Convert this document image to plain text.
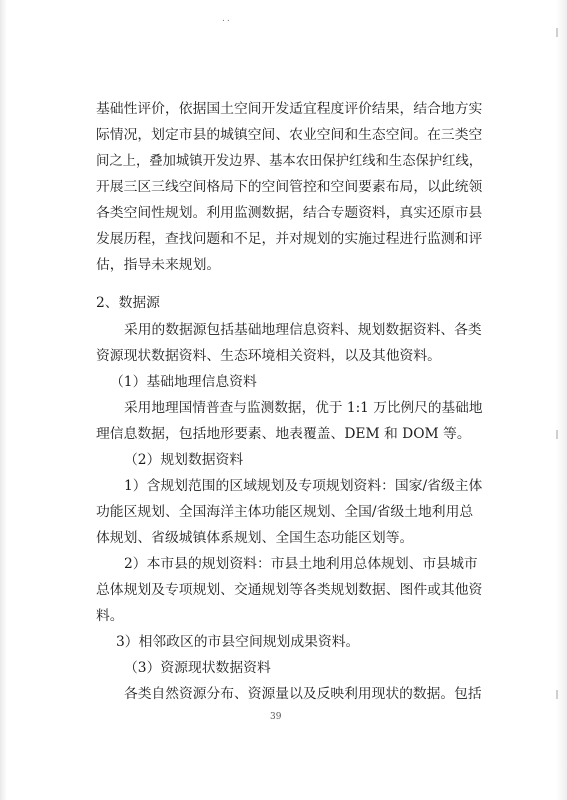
..
基础性评价，依据国土空间开发适宜程度评价结果，结合地方实
际情况，划定市县的城镇空间、农业空间和生态空间。在三类空
间之上，叠加城镇开发边界、基本农田保护红线和生态保护红线，
开展三区三线空间格局下的空间管控和空间要素布局，以此统领
各类空间性规划。利用监测数据，结合专题资料，真实还原市县
发展历程，查找问题和不足，并对规划的实施过程进行监测和评
估，指导未来规划。
2、数据源
采用的数据源包括基础地理信息资料、规划数据资料、各类
资源现状数据资料、生态环境相关资料，以及其他资料。
（1）基础地理信息资料
采用地理国情普查与监测数据，优于 1:1 万比例尺的基础地
理信息数据，包括地形要素、地表覆盖、DEM 和 DOM 等。
（2）规划数据资料
1）含规划范围的区域规划及专项规划资料：国家/省级主体
功能区规划、全国海洋主体功能区规划、全国/省级土地利用总
体规划、省级城镇体系规划、全国生态功能区划等。
2）本市县的规划资料：市县土地利用总体规划、市县城市
总体规划及专项规划、交通规划等各类规划数据、图件或其他资
料。
3）相邻政区的市县空间规划成果资料。
（3）资源现状数据资料
各类自然资源分布、资源量以及反映利用现状的数据。包括
39
